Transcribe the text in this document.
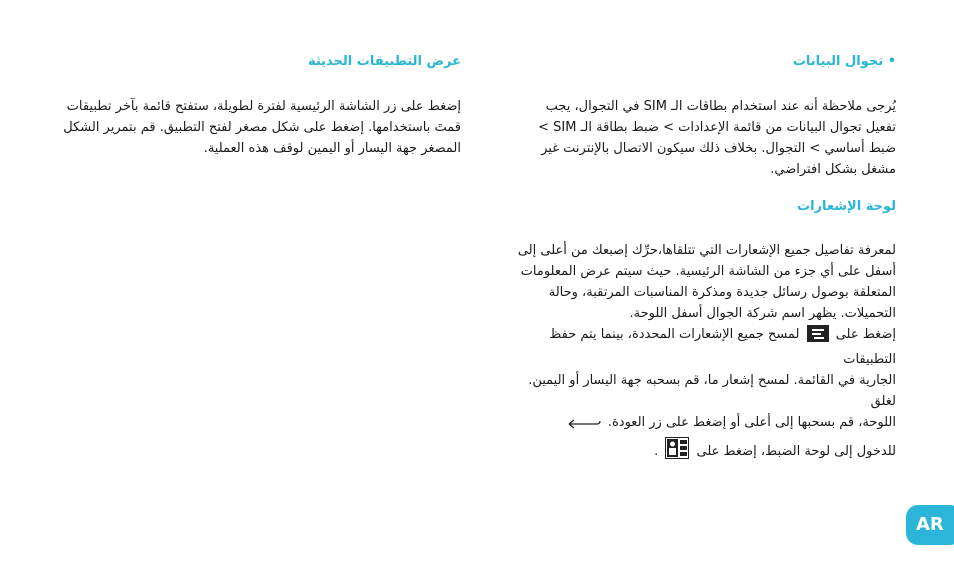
• تجوال البيانات

يُرجى ملاحظة أنه عند استخدام بطاقات الـ SIM في التجوال، يجب
تفعيل تجوال البيانات من قائمة الإعدادات > ضبط بطاقة الـ SIM >
ضبط أساسي > التجوال. بخلاف ذلك سيكون الاتصال بالإنترنت غير
مشغل بشكل افتراضي.

لوحة الإشعارات

لمعرفة تفاصيل جميع الإشعارات التي تتلقاها،حرِّك إصبعك من أعلى إلى
أسفل على أي جزء من الشاشة الرئيسية. حيث سيتم عرض المعلومات
المتعلقة بوصول رسائل جديدة ومذكرة المناسبات المرتقبة، وحالة
التحميلات. يظهر اسم شركة الجوال أسفل اللوحة.
إضغط على  لمسح جميع الإشعارات المحددة، بينما يتم حفظ التطبيقات
الجارية في القائمة. لمسح إشعار ما، قم بسحبه جهة اليسار أو اليمين. لغلق
اللوحة، قم بسحبها إلى أعلى أو إضغط على زر العودة.
للدخول إلى لوحة الضبط، إضغط على  .

عرض التطبيقات الحديثة

إضغط على زر الشاشة الرئيسية لفترة لطويلة، ستفتح قائمة بآخر تطبيقات
قمتَ باستخدامها. إضغط على شكل مصغر لفتح التطبيق. قم بتمرير الشكل
المصغر جهة اليسار أو اليمين لوقف هذه العملية.

AR
